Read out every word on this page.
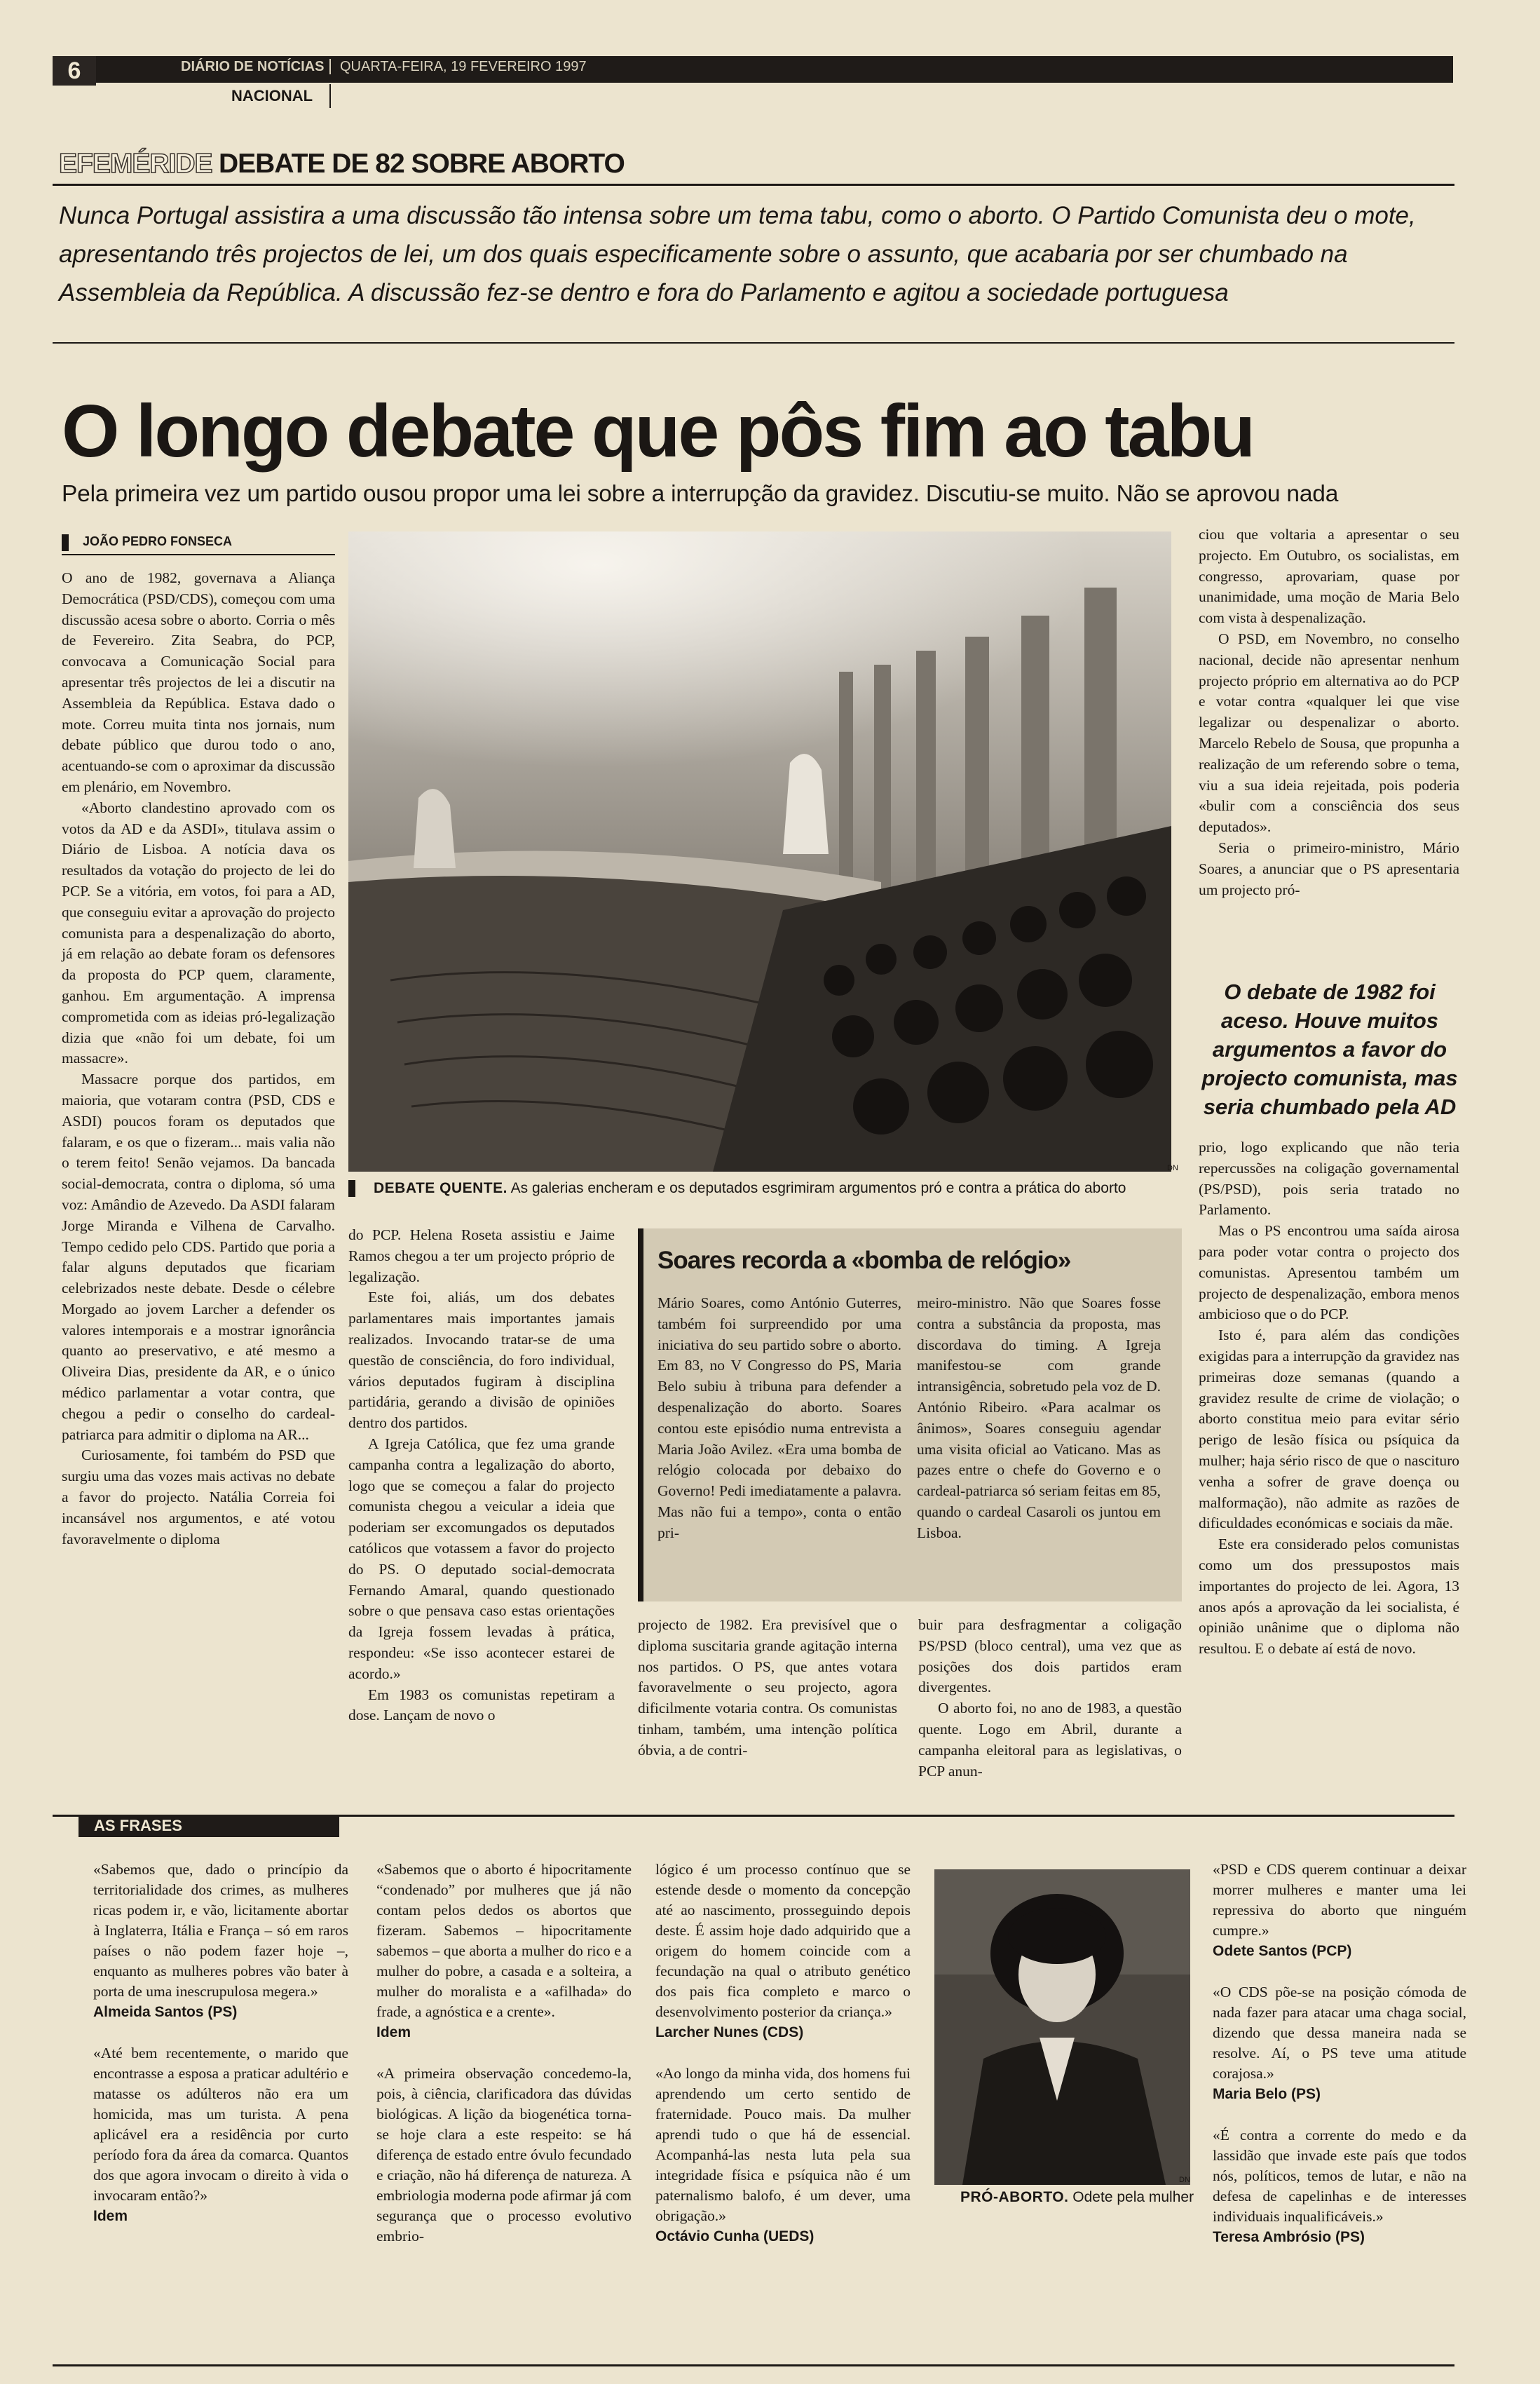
6	DIÁRIO DE NOTÍCIAS QUARTA-FEIRA, 19 FEVEREIRO 1997
NACIONAL
EFEMÉRIDE DEBATE DE 82 SOBRE ABORTO
Nunca Portugal assistira a uma discussão tão intensa sobre um tema tabu, como o aborto. O Partido Comunista deu o mote, apresentando três projectos de lei, um dos quais especificamente sobre o assunto, que acabaria por ser chumbado na Assembleia da República. A discussão fez-se dentro e fora do Parlamento e agitou a sociedade portuguesa
O longo debate que pôs fim ao tabu
Pela primeira vez um partido ousou propor uma lei sobre a interrupção da gravidez. Discutiu-se muito. Não se aprovou nada
JOÃO PEDRO FONSECA
DEBATE QUENTE. As galerias encheram e os deputados esgrimiram argumentos pró e contra a prática do aborto
DN

O ano de 1982, governava a Aliança Democrática (PSD/CDS), começou com uma discussão acesa sobre o aborto. Corria o mês de Fevereiro. Zita Seabra, do PCP, convocava a Comunicação Social para apresentar três projectos de lei a discutir na Assembleia da República. Estava dado o mote. Correu muita tinta nos jornais, num debate público que durou todo o ano, acentuando-se com o aproximar da discussão em plenário, em Novembro.

«Aborto clandestino aprovado com os votos da AD e da ASDI», titulava assim o Diário de Lisboa. A notícia dava os resultados da votação do projecto de lei do PCP. Se a vitória, em votos, foi para a AD, que conseguiu evitar a aprovação do projecto comunista para a despenalização do aborto, já em relação ao debate foram os defensores da proposta do PCP quem, claramente, ganhou. Em argumentação. A imprensa comprometida com as ideias pró-legalização dizia que «não foi um debate, foi um massacre».

Massacre porque dos partidos, em maioria, que votaram contra (PSD, CDS e ASDI) poucos foram os deputados que falaram, e os que o fizeram... mais valia não o terem feito! Senão vejamos. Da bancada social-democrata, contra o diploma, só uma voz: Amândio de Azevedo. Da ASDI falaram Jorge Miranda e Vilhena de Carvalho. Tempo cedido pelo CDS. Partido que poria a falar alguns deputados que ficariam celebrizados neste debate. Desde o célebre Morgado ao jovem Larcher a defender os valores intemporais e a mostrar ignorância quanto ao preservativo, e até mesmo a Oliveira Dias, presidente da AR, e o único médico parlamentar a votar contra, que chegou a pedir o conselho do cardeal-patriarca para admitir o diploma na AR...

Curiosamente, foi também do PSD que surgiu uma das vozes mais activas no debate a favor do projecto. Natália Correia foi incansável nos argumentos, e até votou favoravelmente o diploma

do PCP. Helena Roseta assistiu e Jaime Ramos chegou a ter um projecto próprio de legalização.

Este foi, aliás, um dos debates parlamentares mais importantes jamais realizados. Invocando tratar-se de uma questão de consciência, do foro individual, vários deputados fugiram à disciplina partidária, gerando a divisão de opiniões dentro dos partidos.

A Igreja Católica, que fez uma grande campanha contra a legalização do aborto, logo que se começou a falar do projecto comunista chegou a veicular a ideia que poderiam ser excomungados os deputados católicos que votassem a favor do projecto do PS. O deputado social-democrata Fernando Amaral, quando questionado sobre o que pensava caso estas orientações da Igreja fossem levadas à prática, respondeu: «Se isso acontecer estarei de acordo.»

Em 1983 os comunistas repetiram a dose. Lançam de novo o

Soares recorda a «bomba de relógio»

Mário Soares, como António Guterres, também foi surpreendido por uma iniciativa do seu partido sobre o aborto. Em 83, no V Congresso do PS, Maria Belo subiu à tribuna para defender a despenalização do aborto. Soares contou este episódio numa entrevista a Maria João Avilez. «Era uma bomba de relógio colocada por debaixo do Governo! Pedi imediatamente a palavra. Mas não fui a tempo», conta o então pri-

meiro-ministro. Não que Soares fosse contra a substância da proposta, mas discordava do timing. A Igreja manifestou-se com grande intransigência, sobretudo pela voz de D. António Ribeiro. «Para acalmar os ânimos», Soares conseguiu agendar uma visita oficial ao Vaticano. Mas as pazes entre o chefe do Governo e o cardeal-patriarca só seriam feitas em 85, quando o cardeal Casaroli os juntou em Lisboa.

projecto de 1982. Era previsível que o diploma suscitaria grande agitação interna nos partidos. O PS, que antes votara favoravelmente o seu projecto, agora dificilmente votaria contra. Os comunistas tinham, também, uma intenção política óbvia, a de contri-

buir para desfragmentar a coligação PS/PSD (bloco central), uma vez que as posições dos dois partidos eram divergentes.

O aborto foi, no ano de 1983, a questão quente. Logo em Abril, durante a campanha eleitoral para as legislativas, o PCP anun-

ciou que voltaria a apresentar o seu projecto. Em Outubro, os socialistas, em congresso, aprovariam, quase por unanimidade, uma moção de Maria Belo com vista à despenalização.

O PSD, em Novembro, no conselho nacional, decide não apresentar nenhum projecto próprio em alternativa ao do PCP e votar contra «qualquer lei que vise legalizar ou despenalizar o aborto. Marcelo Rebelo de Sousa, que propunha a realização de um referendo sobre o tema, viu a sua ideia rejeitada, pois poderia «bulir com a consciência dos seus deputados».

Seria o primeiro-ministro, Mário Soares, a anunciar que o PS apresentaria um projecto pró-

O debate de 1982 foi aceso. Houve muitos argumentos a favor do projecto comunista, mas seria chumbado pela AD

prio, logo explicando que não teria repercussões na coligação governamental (PS/PSD), pois seria tratado no Parlamento.

Mas o PS encontrou uma saída airosa para poder votar contra o projecto dos comunistas. Apresentou também um projecto de despenalização, embora menos ambicioso que o do PCP.

Isto é, para além das condições exigidas para a interrupção da gravidez nas primeiras doze semanas (quando a gravidez resulte de crime de violação; o aborto constitua meio para evitar sério perigo de lesão física ou psíquica da mulher; haja sério risco de que o nascituro venha a sofrer de grave doença ou malformação), não admite as razões de dificuldades económicas e sociais da mãe.

Este era considerado pelos comunistas como um dos pressupostos mais importantes do projecto de lei. Agora, 13 anos após a aprovação da lei socialista, é opinião unânime que o diploma não resultou. E o debate aí está de novo.

AS FRASES

«Sabemos que, dado o princípio da territorialidade dos crimes, as mulheres ricas podem ir, e vão, licitamente abortar à Inglaterra, Itália e França – só em raros países o não podem fazer hoje –, enquanto as mulheres pobres vão bater à porta de uma inescrupulosa megera.»
Almeida Santos (PS)

«Até bem recentemente, o marido que encontrasse a esposa a praticar adultério e matasse os adúlteros não era um homicida, mas um turista. A pena aplicável era a residência por curto período fora da área da comarca. Quantos dos que agora invocam o direito à vida o invocaram então?»
Idem

«Sabemos que o aborto é hipocritamente “condenado” por mulheres que já não contam pelos dedos os abortos que fizeram. Sabemos – hipocritamente sabemos – que aborta a mulher do rico e a mulher do pobre, a casada e a solteira, a mulher do moralista e a «afilhada» do frade, a agnóstica e a crente».
Idem

«A primeira observação concedemo-la, pois, à ciência, clarificadora das dúvidas biológicas. A lição da biogenética torna-se hoje clara a este respeito: se há diferença de estado entre óvulo fecundado e criação, não há diferença de natureza. A embriologia moderna pode afirmar já com segurança que o processo evolutivo embrio-

lógico é um processo contínuo que se estende desde o momento da concepção até ao nascimento, prosseguindo depois deste. É assim hoje dado adquirido que a origem do homem coincide com a fecundação na qual o atributo genético dos pais fica completo e marco o desenvolvimento posterior da criança.»
Larcher Nunes (CDS)

«Ao longo da minha vida, dos homens fui aprendendo um certo sentido de fraternidade. Pouco mais. Da mulher aprendi tudo o que há de essencial. Acompanhá-las nesta luta pela sua integridade física e psíquica não é um paternalismo balofo, é um dever, uma obrigação.»
Octávio Cunha (UEDS)

PRÓ-ABORTO. Odete pela mulher
DN

«PSD e CDS querem continuar a deixar morrer mulheres e manter uma lei repressiva do aborto que ninguém cumpre.»
Odete Santos (PCP)

«O CDS põe-se na posição cómoda de nada fazer para atacar uma chaga social, dizendo que dessa maneira nada se resolve. Aí, o PS teve uma atitude corajosa.»
Maria Belo (PS)

«É contra a corrente do medo e da lassidão que invade este país que todos nós, políticos, temos de lutar, e não na defesa de capelinhas e de interesses individuais inqualificáveis.»
Teresa Ambrósio (PS)
